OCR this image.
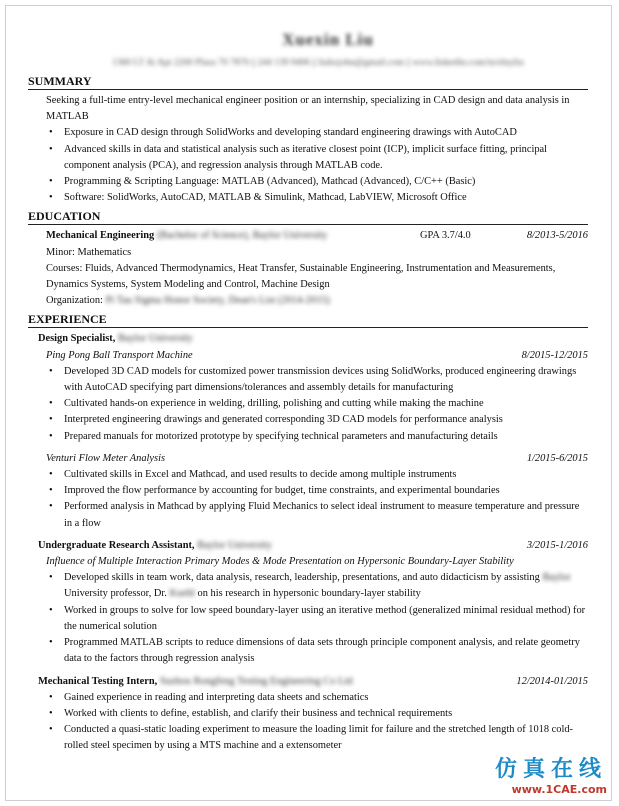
Xuexin Liu
1360 LT Ai Apt 2200 Plaza 70 7870 || 244 139 9406 || liuhxjohn@gmail.com || www.linkedin.com/in/elnyliu
SUMMARY
Seeking a full-time entry-level mechanical engineer position or an internship, specializing in CAD design and data analysis in MATLAB
• Exposure in CAD design through SolidWorks and developing standard engineering drawings with AutoCAD
• Advanced skills in data and statistical analysis such as iterative closest point (ICP), implicit surface fitting, principal component analysis (PCA), and regression analysis through MATLAB code.
• Programming & Scripting Language: MATLAB (Advanced), Mathcad (Advanced), C/C++ (Basic)
• Software: SolidWorks, AutoCAD, MATLAB & Simulink, Mathcad, LabVIEW, Microsoft Office
EDUCATION
Mechanical Engineering (Bachelor of Science), Baylor University	GPA 3.7/4.0	8/2013-5/2016
Minor: Mathematics
Courses: Fluids, Advanced Thermodynamics, Heat Transfer, Sustainable Engineering, Instrumentation and Measurements, Dynamics Systems, System Modeling and Control, Machine Design
Organization: Pi Tau Sigma Honor Society, Dean's List (2014-2015)
EXPERIENCE
Design Specialist, Baylor University
Ping Pong Ball Transport Machine	8/2015-12/2015
• Developed 3D CAD models for customized power transmission devices using SolidWorks, produced engineering drawings with AutoCAD specifying part dimensions/tolerances and assembly details for manufacturing
• Cultivated hands-on experience in welding, drilling, polishing and cutting while making the machine
• Interpreted engineering drawings and generated corresponding 3D CAD models for performance analysis
• Prepared manuals for motorized prototype by specifying technical parameters and manufacturing details
Venturi Flow Meter Analysis	1/2015-6/2015
• Cultivated skills in Excel and Mathcad, and used results to decide among multiple instruments
• Improved the flow performance by accounting for budget, time constraints, and experimental boundaries
• Performed analysis in Mathcad by applying Fluid Mechanics to select ideal instrument to measure temperature and pressure in a flow
Undergraduate Research Assistant, Baylor University	3/2015-1/2016
Influence of Multiple Interaction Primary Modes & Mode Presentation on Hypersonic Boundary-Layer Stability
• Developed skills in team work, data analysis, research, leadership, presentations, and auto didacticism by assisting Baylor University professor, Dr. Kuehl on his research in hypersonic boundary-layer stability
• Worked in groups to solve for low speed boundary-layer using an iterative method (generalized minimal residual method) for the numerical solution
• Programmed MATLAB scripts to reduce dimensions of data sets through principle component analysis, and relate geometry data to the factors through regression analysis
Mechanical Testing Intern, Suzhou Rongfeng Testing Engineering Co Ltd	12/2014-01/2015
• Gained experience in reading and interpreting data sheets and schematics
• Worked with clients to define, establish, and clarify their business and technical requirements
• Conducted a quasi-static loading experiment to measure the loading limit for failure and the stretched length of 1018 cold-rolled steel specimen by using a MTS machine and a extensometer
仿真在线
www.1CAE.com
